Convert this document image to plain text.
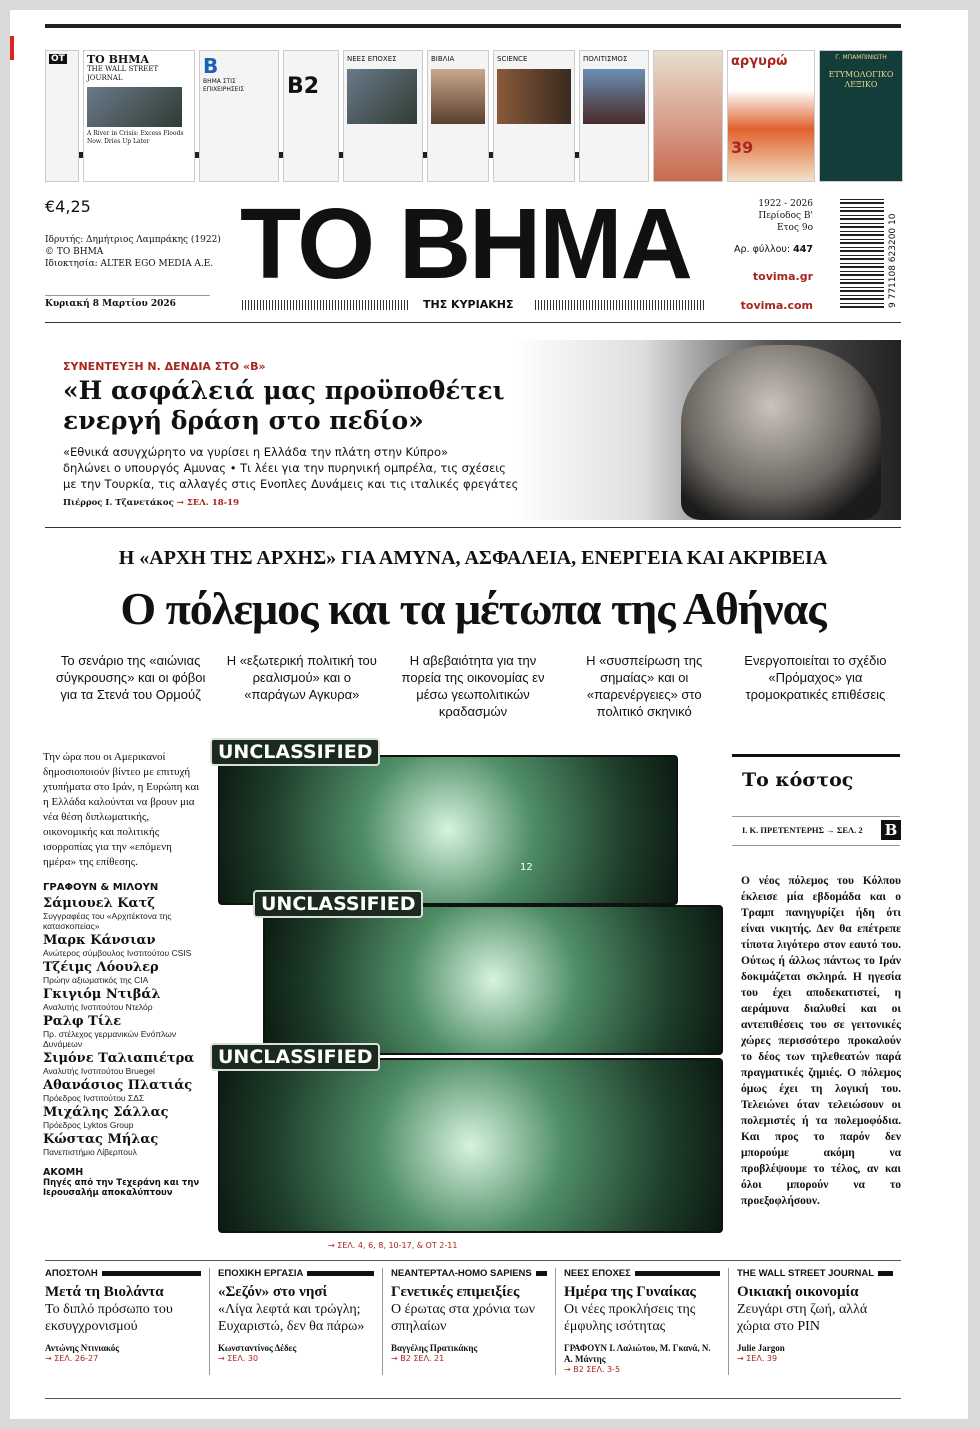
ΟΤ	ΤΟ ΒΗΜΑ
THE WALL STREET JOURNAL
A River in Crisis: Excess Floods Now. Dries Up Later
Β
ΒΗΜΑ ΣΤΙΣ ΕΠΙΧΕΙΡΗΣΕΙΣ	Β2
ΝΕΕΣ ΕΠΟΧΕΣ	ΒΙΒΛΙΑ	SCIENCE	ΠΟΛΙΤΙΣΜΟΣ	αργυρώ
39
Γ. ΜΠΑΜΠΙΝΙΩΤΗ
ΕΤΥΜΟΛΟΓΙΚΟ ΛΕΞΙΚΟ
€4,25
Ιδρυτής: Δημήτριος Λαμπράκης (1922)
© ΤΟ ΒΗΜΑ
Ιδιοκτησία: ALTER EGO MEDIA A.E.
Κυριακή 8 Μαρτίου 2026
ΤΟ ΒΗΜΑ
ΤΗΣ ΚΥΡΙΑΚΗΣ
1922 - 2026
Περίοδος Β'
Ετος 9ο
Αρ. φύλλου: 447
tovima.gr
tovima.com	9 771108 623200 10
ΣΥΝΕΝΤΕΥΞΗ Ν. ΔΕΝΔΙΑ ΣΤΟ «Β»
«Η ασφάλειά μας προϋποθέτει
ενεργή δράση στο πεδίο»
«Εθνικά ασυγχώρητο να γυρίσει η Ελλάδα την πλάτη στην Κύπρο»
δηλώνει ο υπουργός Αμυνας • Τι λέει για την πυρηνική ομπρέλα, τις σχέσεις
με την Τουρκία, τις αλλαγές στις Ενοπλες Δυνάμεις και τις ιταλικές φρεγάτες
Πιέρρος Ι. Τζανετάκος → ΣΕΛ. 18-19
Η «ΑΡΧΗ ΤΗΣ ΑΡΧΗΣ» ΓΙΑ ΑΜΥΝΑ, ΑΣΦΑΛΕΙΑ, ΕΝΕΡΓΕΙΑ ΚΑΙ ΑΚΡΙΒΕΙΑ
Ο πόλεμος και τα μέτωπα της Αθήνας
Το σενάριο της «αιώνιας σύγκρουσης» και οι φόβοι για τα Στενά του Ορμούζ
Η «εξωτερική πολιτική του ρεαλισμού» και ο «παράγων Αγκυρα»
Η αβεβαιότητα για την πορεία της οικονομίας εν μέσω γεωπολιτικών κραδασμών
Η «συσπείρωση της σημαίας» και οι «παρενέργειες» στο πολιτικό σκηνικό
Ενεργοποιείται το σχέδιο «Πρόμαχος» για τρομοκρατικές επιθέσεις
Την ώρα που οι Αμερικανοί δημοσιοποιούν βίντεο με επιτυχή χτυπήματα στο Ιράν, η Ευρώπη και η Ελλάδα καλούνται να βρουν μια νέα θέση διπλωματικής, οικονομικής και πολιτικής ισορροπίας για την «επόμενη ημέρα» της επίθεσης.
ΓΡΑΦΟΥΝ & ΜΙΛΟΥΝ
Σάμιουελ Κατζ
Συγγραφέας του «Αρχιτέκτονα της κατασκοπείας»
Μαρκ Κάνσιαν
Ανώτερος σύμβουλος Ινστιτούτου CSIS
Τζέιμς Λόουλερ
Πρώην αξιωματικός της CIA
Γκιγιόμ Ντιβάλ
Αναλυτής Ινστιτούτου Ντελόρ
Ραλφ Τίλε
Πρ. στέλεχος γερμανικών Ενόπλων Δυνάμεων
Σιμόνε Ταλιαπιέτρα
Αναλυτής Ινστιτούτου Bruegel
Αθανάσιος Πλατιάς
Πρόεδρος Ινστιτούτου ΣΔΣ
Μιχάλης Σάλλας
Πρόεδρος Lyktos Group
Κώστας Μήλας
Πανεπιστήμιο Λίβερπουλ
ΑΚΟΜΗ
Πηγές από την Τεχεράνη και την Ιερουσαλήμ αποκαλύπτουν
12
UNCLASSIFIED
UNCLASSIFIED
UNCLASSIFIED
→ ΣΕΛ. 4, 6, 8, 10-17, & ΟΤ 2-11
Το κόστος
Ι. Κ. ΠΡΕΤΕΝΤΕΡΗΣ → ΣΕΛ. 2	Β
Ο νέος πόλεμος του Κόλπου έκλεισε μία εβδομάδα και ο Τραμπ πανηγυρίζει ήδη ότι είναι νικητής. Δεν θα επέτρεπε τίποτα λιγότερο στον εαυτό του. Ούτως ή άλλως πάντως το Ιράν δοκιμάζεται σκληρά. Η ηγεσία του έχει αποδεκατιστεί, η αεράμυνα διαλυθεί και οι αντεπιθέσεις του σε γειτονικές χώρες περισσότερο προκαλούν το δέος των τηλεθεατών παρά πραγματικές ζημιές. Ο πόλεμος όμως έχει τη λογική του. Τελειώνει όταν τελειώσουν οι πολεμιστές ή τα πολεμοφόδια. Και προς το παρόν δεν μπορούμε ακόμη να προβλέψουμε το τέλος, αν και όλοι μπορούν να το προεξοφλήσουν.
ΑΠΟΣΤΟΛΗ
Μετά τη Βιολάντα
Το διπλό πρόσωπο του εκσυγχρονισμού
Αντώνης Ντινιακός
→ ΣΕΛ. 26-27
ΕΠΟΧΙΚΗ ΕΡΓΑΣΙΑ
«Σεζόν» στο νησί
«Λίγα λεφτά και τρώγλη; Ευχαριστώ, δεν θα πάρω»
Κωνσταντίνος Δέδες
→ ΣΕΛ. 30
ΝΕΑΝΤΕΡΤΑΛ-HOMO SAPIENS
Γενετικές επιμειξίες
Ο έρωτας στα χρόνια των σπηλαίων
Βαγγέλης Πρατικάκης
→ Β2 ΣΕΛ. 21
ΝΕΕΣ ΕΠΟΧΕΣ
Ημέρα της Γυναίκας
Οι νέες προκλήσεις της έμφυλης ισότητας
ΓΡΑΦΟΥΝ Ι. Λαλιώτου, Μ. Γκανά, Ν. Α. Μάντης
→ Β2 ΣΕΛ. 3-5
THE WALL STREET JOURNAL
Οικιακή οικονομία
Ζευγάρι στη ζωή, αλλά χώρια στο PIN
Julie Jargon
→ ΣΕΛ. 39
